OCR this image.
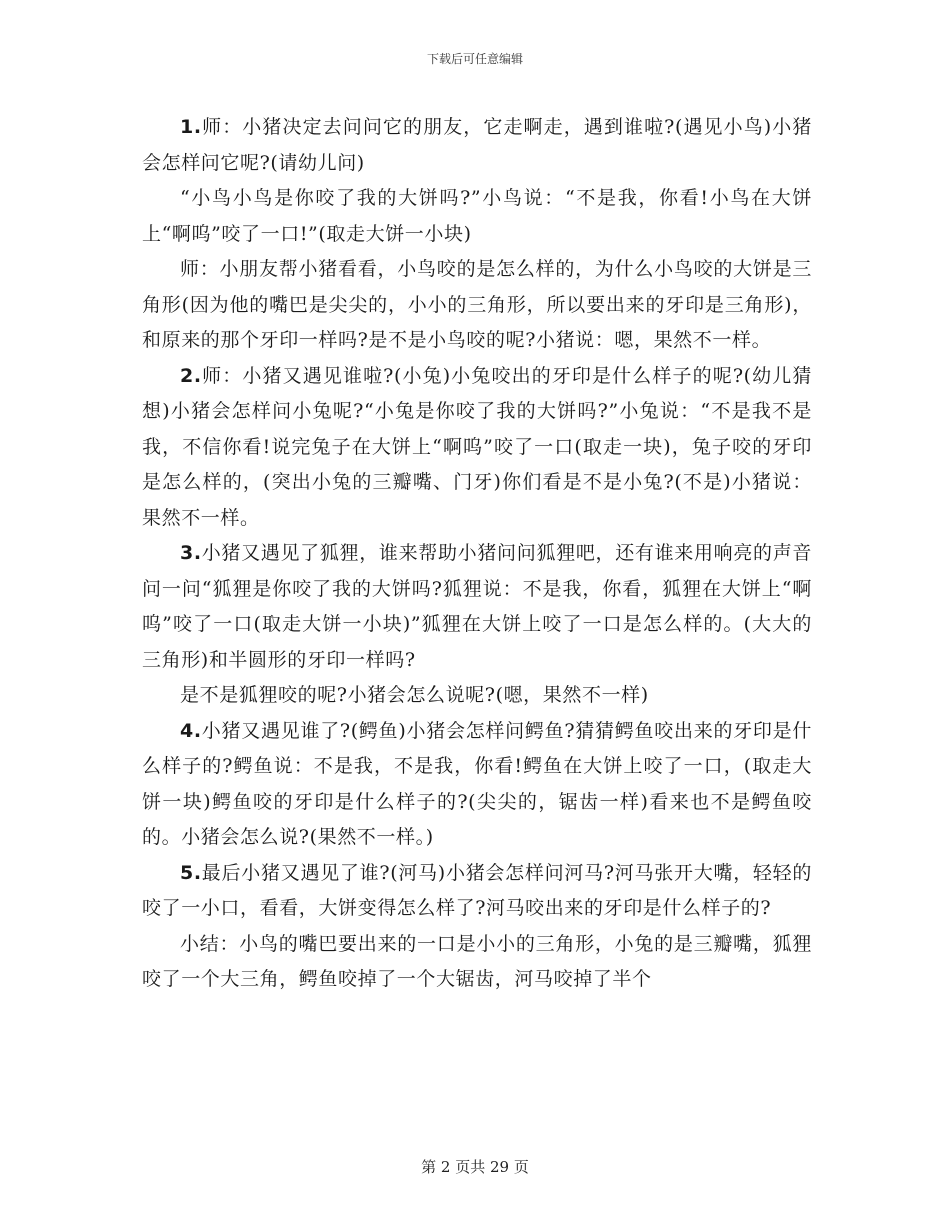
下载后可任意编辑

1.师：小猪决定去问问它的朋友，它走啊走，遇到谁啦?(遇见小鸟)小猪会怎样问它呢?(请幼儿问)

“小鸟小鸟是你咬了我的大饼吗?”小鸟说：“不是我，你看!小鸟在大饼上“啊呜”咬了一口!”(取走大饼一小块)

师：小朋友帮小猪看看，小鸟咬的是怎么样的，为什么小鸟咬的大饼是三角形(因为他的嘴巴是尖尖的，小小的三角形，所以要出来的牙印是三角形)，和原来的那个牙印一样吗?是不是小鸟咬的呢?小猪说：嗯，果然不一样。

2.师：小猪又遇见谁啦?(小兔)小兔咬出的牙印是什么样子的呢?(幼儿猜想)小猪会怎样问小兔呢?“小兔是你咬了我的大饼吗?”小兔说：“不是我不是我，不信你看!说完兔子在大饼上“啊呜”咬了一口(取走一块)，兔子咬的牙印是怎么样的，(突出小兔的三瓣嘴、门牙)你们看是不是小兔?(不是)小猪说：果然不一样。

3.小猪又遇见了狐狸，谁来帮助小猪问问狐狸吧，还有谁来用响亮的声音问一问“狐狸是你咬了我的大饼吗?狐狸说：不是我，你看，狐狸在大饼上“啊呜”咬了一口(取走大饼一小块)”狐狸在大饼上咬了一口是怎么样的。(大大的三角形)和半圆形的牙印一样吗?

是不是狐狸咬的呢?小猪会怎么说呢?(嗯，果然不一样)

4.小猪又遇见谁了?(鳄鱼)小猪会怎样问鳄鱼?猜猜鳄鱼咬出来的牙印是什么样子的?鳄鱼说：不是我，不是我，你看!鳄鱼在大饼上咬了一口，(取走大饼一块)鳄鱼咬的牙印是什么样子的?(尖尖的，锯齿一样)看来也不是鳄鱼咬的。小猪会怎么说?(果然不一样。)

5.最后小猪又遇见了谁?(河马)小猪会怎样问河马?河马张开大嘴，轻轻的咬了一小口，看看，大饼变得怎么样了?河马咬出来的牙印是什么样子的?

小结：小鸟的嘴巴要出来的一口是小小的三角形，小兔的是三瓣嘴，狐狸咬了一个大三角，鳄鱼咬掉了一个大锯齿，河马咬掉了半个

第 2 页共 29 页
